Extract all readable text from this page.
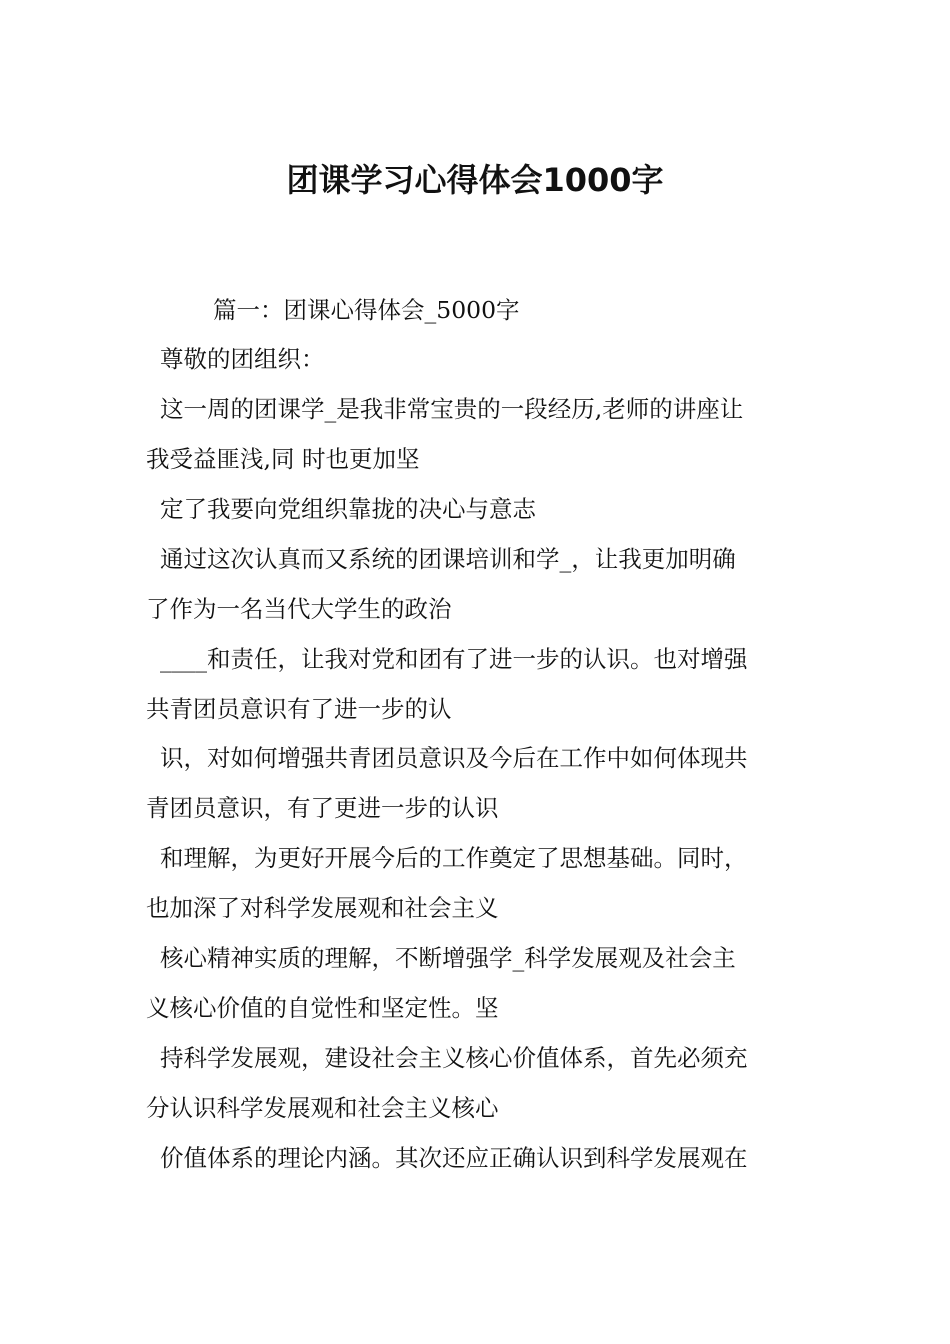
团课学习心得体会1000字
篇一：团课心得体会_5000字
尊敬的团组织：
这一周的团课学_是我非常宝贵的一段经历,老师的讲座让
我受益匪浅,同 时也更加坚
定了我要向党组织靠拢的决心与意志
通过这次认真而又系统的团课培训和学_，让我更加明确
了作为一名当代大学生的政治
____和责任，让我对党和团有了进一步的认识。也对增强
共青团员意识有了进一步的认
识，对如何增强共青团员意识及今后在工作中如何体现共
青团员意识，有了更进一步的认识
和理解，为更好开展今后的工作奠定了思想基础。同时，
也加深了对科学发展观和社会主义
核心精神实质的理解，不断增强学_科学发展观及社会主
义核心价值的自觉性和坚定性。坚
持科学发展观，建设社会主义核心价值体系，首先必须充
分认识科学发展观和社会主义核心
价值体系的理论内涵。其次还应正确认识到科学发展观在
